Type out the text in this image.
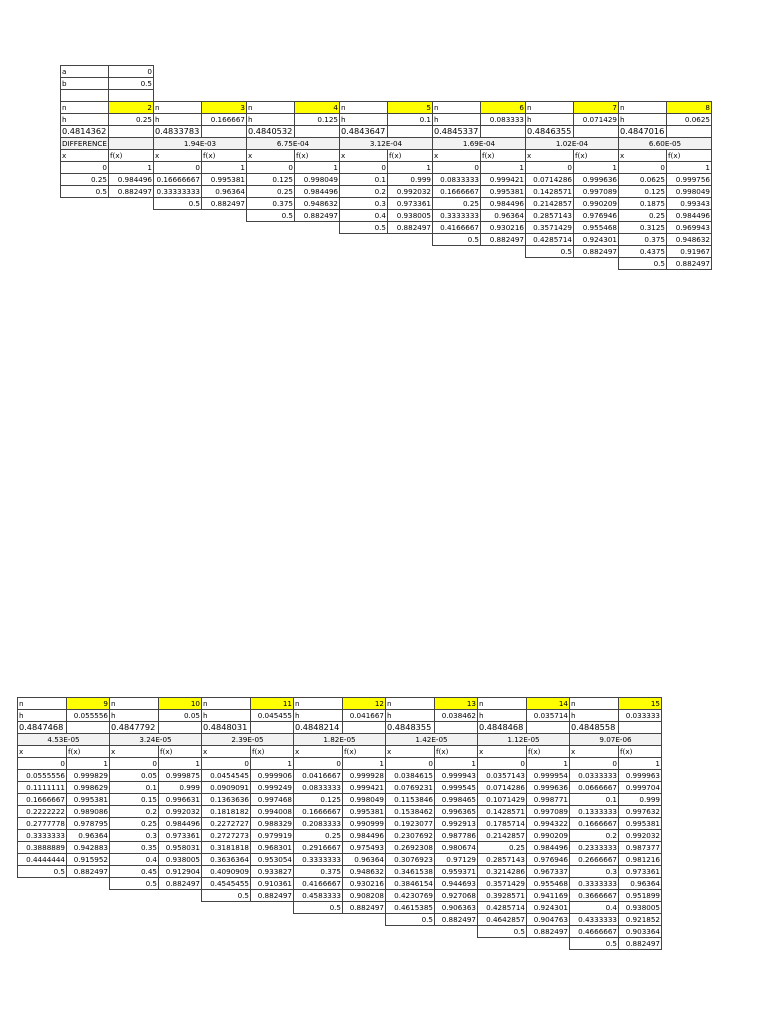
a	0												
b	0.5												

n	2	n	3	n	4	n	5	n	6	n	7	n	8
h	0.25	h	0.166667	h	0.125	h	0.1	h	0.083333	h	0.071429	h	0.0625
0.4814362		0.4833783		0.4840532		0.4843647		0.4845337		0.4846355		0.4847016	
DIFFERENCE		1.94E-03		6.75E-04		3.12E-04		1.69E-04		1.02E-04		6.60E-05	
x	f(x)	x	f(x)	x	f(x)	x	f(x)	x	f(x)	x	f(x)	x	f(x)
0	1	0	1	0	1	0	1	0	1	0	1	0	1
0.25	0.984496	0.16666667	0.995381	0.125	0.998049	0.1	0.999	0.0833333	0.999421	0.0714286	0.999636	0.0625	0.999756
0.5	0.882497	0.33333333	0.96364	0.25	0.984496	0.2	0.992032	0.1666667	0.995381	0.1428571	0.997089	0.125	0.998049
		0.5	0.882497	0.375	0.948632	0.3	0.973361	0.25	0.984496	0.2142857	0.990209	0.1875	0.99343
				0.5	0.882497	0.4	0.938005	0.3333333	0.96364	0.2857143	0.976946	0.25	0.984496
						0.5	0.882497	0.4166667	0.930216	0.3571429	0.955468	0.3125	0.969943
								0.5	0.882497	0.4285714	0.924301	0.375	0.948632
										0.5	0.882497	0.4375	0.91967
												0.5	0.882497
n	9	n	10	n	11	n	12	n	13	n	14	n	15
h	0.055556	h	0.05	h	0.045455	h	0.041667	h	0.038462	h	0.035714	h	0.033333
0.4847468		0.4847792		0.4848031		0.4848214		0.4848355		0.4848468		0.4848558	
4.53E-05		3.24E-05		2.39E-05		1.82E-05		1.42E-05		1.12E-05		9.07E-06	
x	f(x)	x	f(x)	x	f(x)	x	f(x)	x	f(x)	x	f(x)	x	f(x)
0	1	0	1	0	1	0	1	0	1	0	1	0	1
0.0555556	0.999829	0.05	0.999875	0.0454545	0.999906	0.0416667	0.999928	0.0384615	0.999943	0.0357143	0.999954	0.0333333	0.999963
0.1111111	0.998629	0.1	0.999	0.0909091	0.999249	0.0833333	0.999421	0.0769231	0.999545	0.0714286	0.999636	0.0666667	0.999704
0.1666667	0.995381	0.15	0.996631	0.1363636	0.997468	0.125	0.998049	0.1153846	0.998465	0.1071429	0.998771	0.1	0.999
0.2222222	0.989086	0.2	0.992032	0.1818182	0.994008	0.1666667	0.995381	0.1538462	0.996365	0.1428571	0.997089	0.1333333	0.997632
0.2777778	0.978795	0.25	0.984496	0.2272727	0.988329	0.2083333	0.990999	0.1923077	0.992913	0.1785714	0.994322	0.1666667	0.995381
0.3333333	0.96364	0.3	0.973361	0.2727273	0.979919	0.25	0.984496	0.2307692	0.987786	0.2142857	0.990209	0.2	0.992032
0.3888889	0.942883	0.35	0.958031	0.3181818	0.968301	0.2916667	0.975493	0.2692308	0.980674	0.25	0.984496	0.2333333	0.987377
0.4444444	0.915952	0.4	0.938005	0.3636364	0.953054	0.3333333	0.96364	0.3076923	0.97129	0.2857143	0.976946	0.2666667	0.981216
0.5	0.882497	0.45	0.912904	0.4090909	0.933827	0.375	0.948632	0.3461538	0.959371	0.3214286	0.967337	0.3	0.973361
		0.5	0.882497	0.4545455	0.910361	0.4166667	0.930216	0.3846154	0.944693	0.3571429	0.955468	0.3333333	0.96364
				0.5	0.882497	0.4583333	0.908208	0.4230769	0.927068	0.3928571	0.941169	0.3666667	0.951899
						0.5	0.882497	0.4615385	0.906363	0.4285714	0.924301	0.4	0.938005
								0.5	0.882497	0.4642857	0.904763	0.4333333	0.921852
										0.5	0.882497	0.4666667	0.903364
												0.5	0.882497
